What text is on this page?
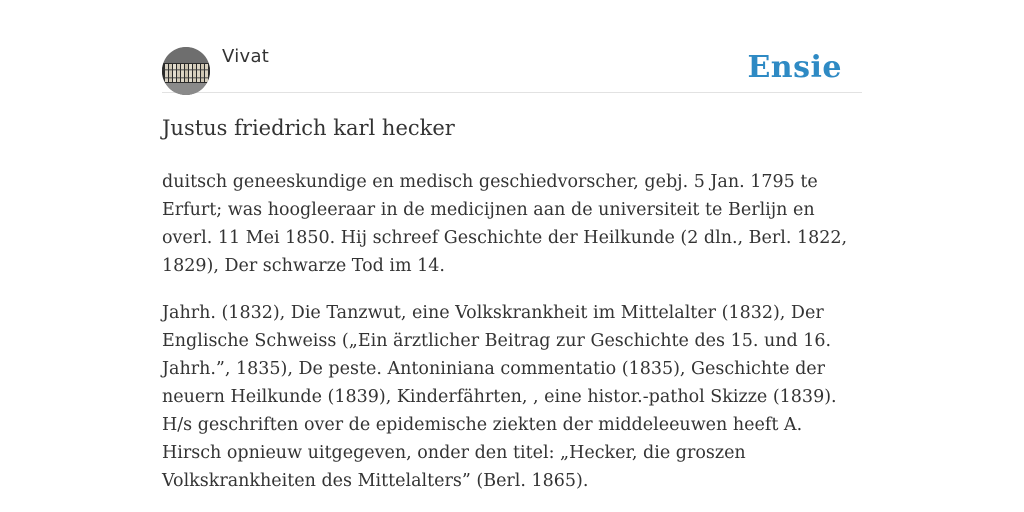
Vivat	Ensie
Justus friedrich karl hecker

duitsch geneeskundige en medisch geschiedvorscher, gebj. 5 Jan. 1795 te Erfurt; was hoogleeraar in de medicijnen aan de universiteit te Berlijn en overl. 11 Mei 1850. Hij schreef Geschichte der Heilkunde (2 dln., Berl. 1822, 1829), Der schwarze Tod im 14.

Jahrh. (1832), Die Tanzwut, eine Volkskrankheit im Mittelalter (1832), Der Englische Schweiss („Ein ärztlicher Beitrag zur Geschichte des 15. und 16. Jahrh.”, 1835), De peste. Antoniniana commentatio (1835), Geschichte der neuern Heilkunde (1839), Kinderfährten, , eine histor.-pathol Skizze (1839). H/s geschriften over de epidemische ziekten der middeleeuwen heeft A. Hirsch opnieuw uitgegeven, onder den titel: „Hecker, die groszen Volkskrankheiten des Mittelalters” (Berl. 1865).
